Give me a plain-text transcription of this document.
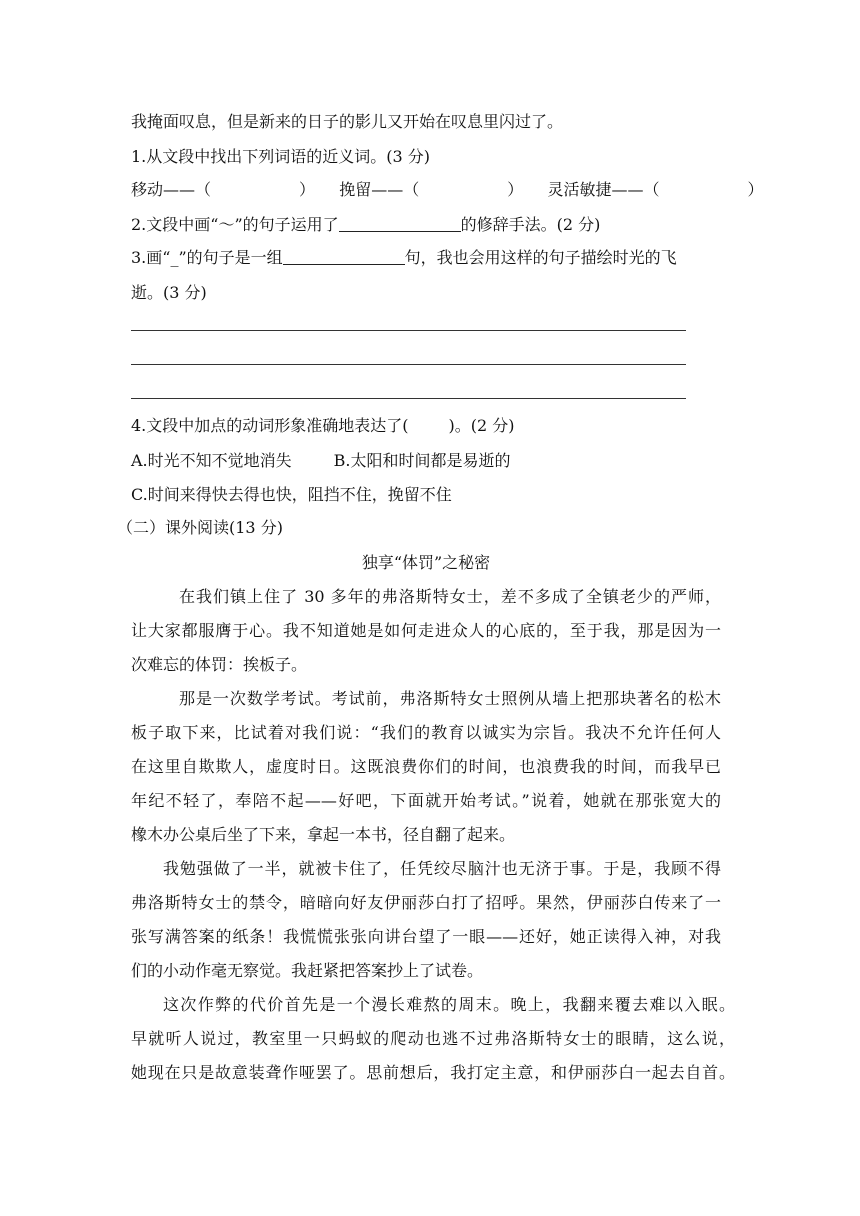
我掩面叹息，但是新来的日子的影儿又开始在叹息里闪过了。
1.从文段中找出下列词语的近义词。(3 分)
移动——（	） 挽留——（	） 灵活敏捷——（	）
2.文段中画“～”的句子运用了	的修辞手法。(2 分)
3.画“_”的句子是一组	句，我也会用这样的句子描绘时光的飞
逝。(3 分)
4.文段中加点的动词形象准确地表达了(	)。(2 分)
A.时光不知不觉地消失	B.太阳和时间都是易逝的
C.时间来得快去得也快，阻挡不住，挽留不住
（二）课外阅读(13 分)
独享“体罚”之秘密
在我们镇上住了 30 多年的弗洛斯特女士，差不多成了全镇老少的严师，
让大家都服膺于心。我不知道她是如何走进众人的心底的，至于我，那是因为一
次难忘的体罚：挨板子。
那是一次数学考试。考试前，弗洛斯特女士照例从墙上把那块著名的松木
板子取下来，比试着对我们说：“我们的教育以诚实为宗旨。我决不允许任何人
在这里自欺欺人，虚度时日。这既浪费你们的时间，也浪费我的时间，而我早已
年纪不轻了，奉陪不起——好吧，下面就开始考试。”说着，她就在那张宽大的
橡木办公桌后坐了下来，拿起一本书，径自翻了起来。
我勉强做了一半，就被卡住了，任凭绞尽脑汁也无济于事。于是，我顾不得
弗洛斯特女士的禁令，暗暗向好友伊丽莎白打了招呼。果然，伊丽莎白传来了一
张写满答案的纸条！我慌慌张张向讲台望了一眼——还好，她正读得入神，对我
们的小动作毫无察觉。我赶紧把答案抄上了试卷。
这次作弊的代价首先是一个漫长难熬的周末。晚上，我翻来覆去难以入眠。
早就听人说过，教室里一只蚂蚁的爬动也逃不过弗洛斯特女士的眼睛，这么说，
她现在只是故意装聋作哑罢了。思前想后，我打定主意，和伊丽莎白一起去自首。
